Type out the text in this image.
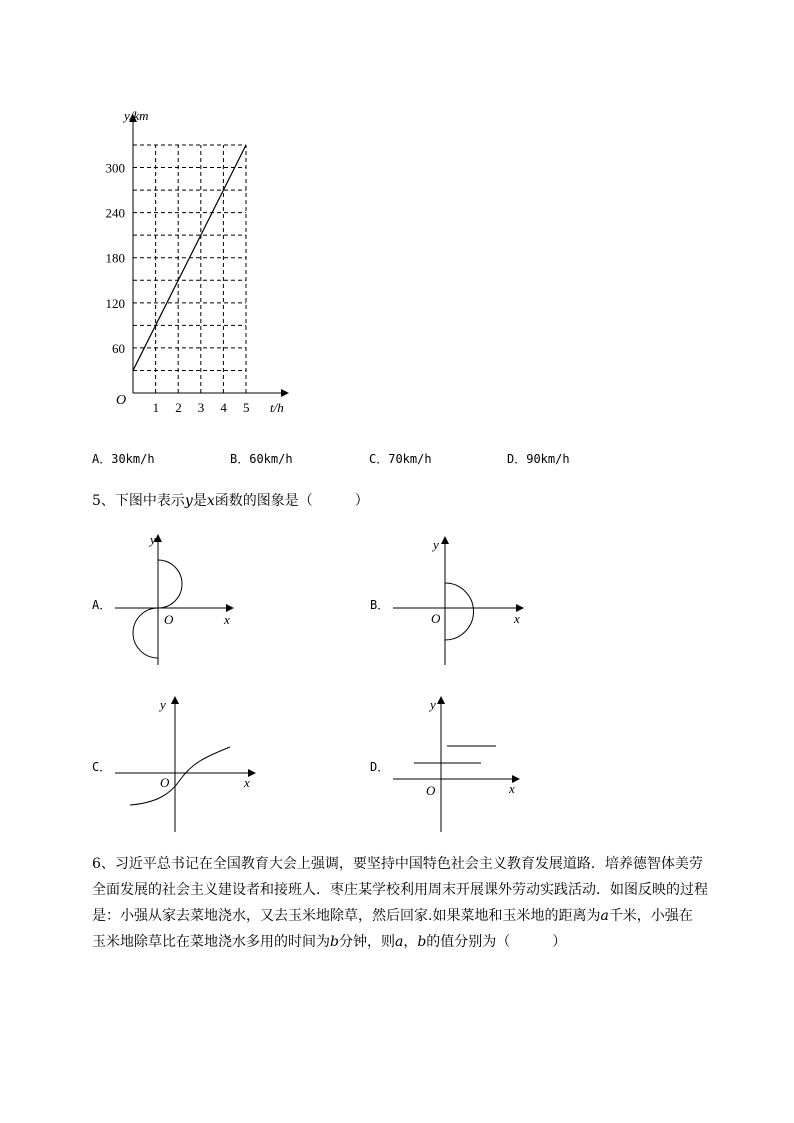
1 2 3 4 5
60
120
180
240
300
y/km
t/h
O
A．30km/h	B．60km/h	C．70km/h	D．90km/h
5、下图中表示y是x函数的图象是（　　　）
A．
y
x
O
B．
y
x
O
C．
y
x
O
D．
y
x
O
6、习近平总书记在全国教育大会上强调，要坚持中国特色社会主义教育发展道路．培养德智体美劳
全面发展的社会主义建设者和接班人．枣庄某学校利用周末开展课外劳动实践活动．如图反映的过程
是：小强从家去菜地浇水，又去玉米地除草，然后回家.如果菜地和玉米地的距离为a千米，小强在
玉米地除草比在菜地浇水多用的时间为b分钟，则a，b的值分别为（　　　）
